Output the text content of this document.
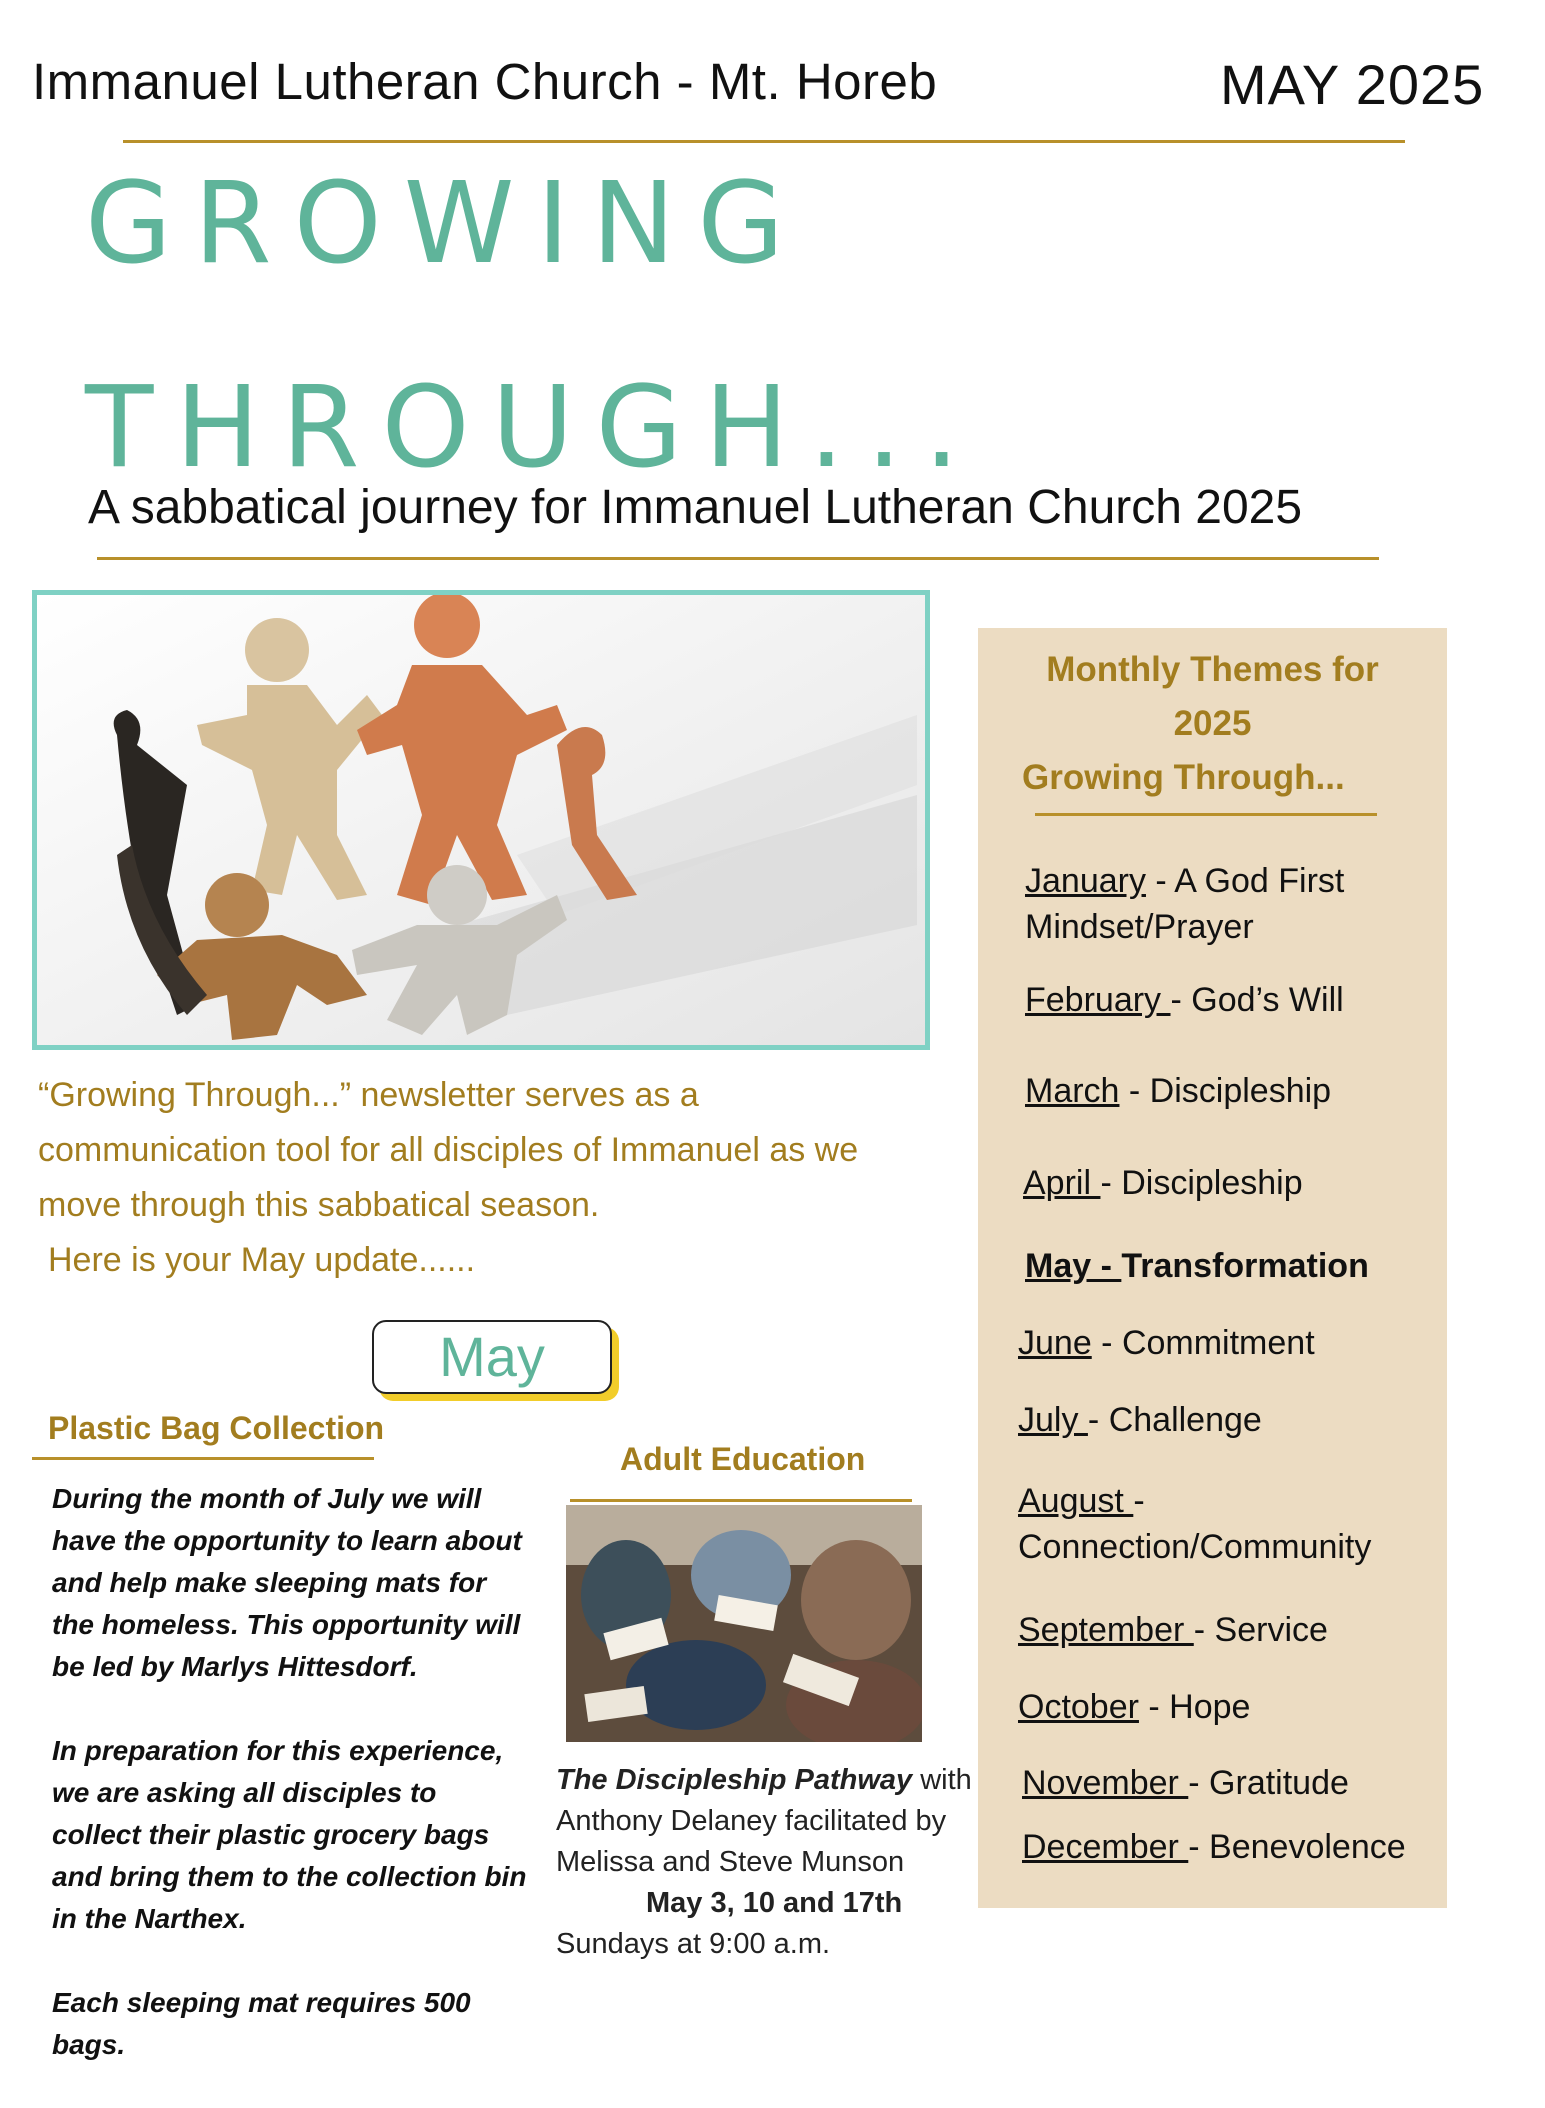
Immanuel Lutheran Church - Mt. Horeb	MAY 2025
GROWING
THROUGH...
A sabbatical journey for Immanuel Lutheran Church 2025
“Growing Through...” newsletter serves as a
communication tool for all disciples of Immanuel as we
move through this sabbatical season.
Here is your May update......
May
Plastic Bag Collection

During the month of July we will have the opportunity to learn about and help make sleeping mats for the homeless. This opportunity will be led by Marlys Hittesdorf.

In preparation for this experience, we are asking all disciples to collect their plastic grocery bags and bring them to the collection bin in the Narthex.

Each sleeping mat requires 500 bags.

Adult Education
The Discipleship Pathway with Anthony Delaney facilitated by Melissa and Steve Munson
May 3, 10 and 17th
Sundays at 9:00 a.m.
Monthly Themes for
2025
Growing Through...
January - A God First
Mindset/Prayer
February - God’s Will
March - Discipleship
April - Discipleship
May - Transformation
June - Commitment
July - Challenge
August -
Connection/Community
September - Service
October - Hope
November - Gratitude
December - Benevolence
